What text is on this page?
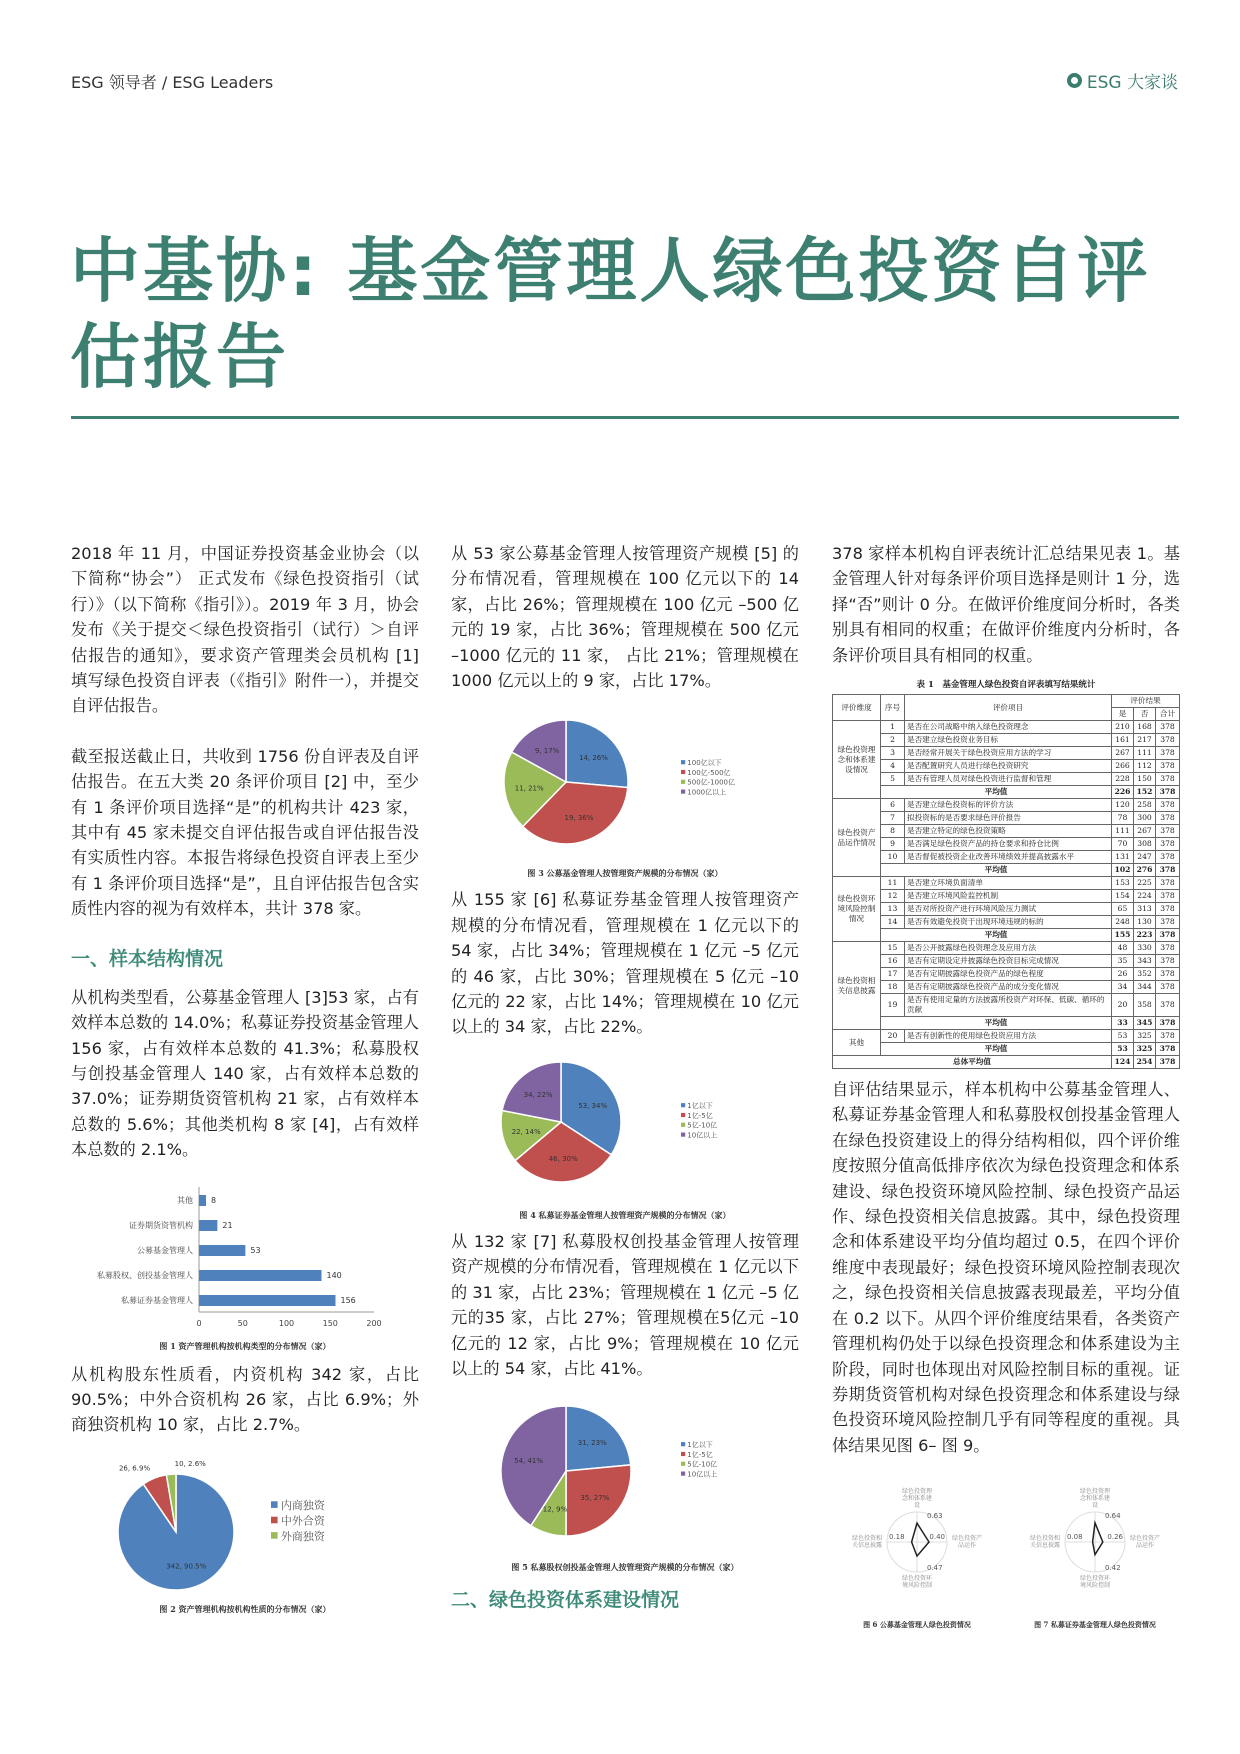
ESG 领导者 / ESG Leaders	ESG 大家谈
中基协: 基金管理人绿色投资自评估报告

2018 年 11 月，中国证券投资基金业协会（以下简称“协会”） 正式发布《绿色投资指引（试行）》（以下简称《指引》）。2019 年 3 月，协会发布《关于提交＜绿色投资指引（试行）＞自评估报告的通知》，要求资产管理类会员机构 [1] 填写绿色投资自评表（《指引》附件一），并提交自评估报告。

截至报送截止日，共收到 1756 份自评表及自评估报告。在五大类 20 条评价项目 [2] 中，至少有 1 条评价项目选择“是”的机构共计 423 家，其中有 45 家未提交自评估报告或自评估报告没有实质性内容。本报告将绿色投资自评表上至少有 1 条评价项目选择“是”，且自评估报告包含实质性内容的视为有效样本，共计 378 家。

一、样本结构情况

从机构类型看，公募基金管理人 [3]53 家，占有效样本总数的 14.0%；私募证券投资基金管理人 156 家，占有效样本总数的 41.3%；私募股权与创投基金管理人 140 家，占有效样本总数的 37.0%；证券期货资管机构 21 家，占有效样本总数的 5.6%；其他类机构 8 家 [4]，占有效样本总数的 2.1%。

私募证券基金管理人	156
私募股权、创投基金管理人	140
公募基金管理人	53
证券期货资管机构	21
其他 8
0	50	100	150	200
图 1 资产管理机构按机构类型的分布情况（家）

从机构股东性质看，内资机构 342 家，占比 90.5%；中外合资机构 26 家，占比 6.9%；外商独资机构 10 家，占比 2.7%。

342, 90.5%
26, 6.9%
10, 2.6%
内商独资
中外合资
外商独资
图 2 资产管理机构按机构性质的分布情况（家）

从 53 家公募基金管理人按管理资产规模 [5] 的分布情况看，管理规模在 100 亿元以下的 14 家，占比 26%；管理规模在 100 亿元 –500 亿元的 19 家，占比 36%；管理规模在 500 亿元 –1000 亿元的 11 家， 占比 21%；管理规模在 1000 亿元以上的 9 家，占比 17%。

14, 26%
19, 36%
11, 21%
9, 17%
100亿以下
100亿-500亿
500亿-1000亿
1000亿以上
图 3 公募基金管理人按管理资产规模的分布情况（家）

从 155 家 [6] 私募证券基金管理人按管理资产规模的分布情况看，管理规模在 1 亿元以下的 54 家，占比 34%；管理规模在 1 亿元 –5 亿元的 46 家，占比 30%；管理规模在 5 亿元 –10 亿元的 22 家，占比 14%；管理规模在 10 亿元以上的 34 家，占比 22%。

53, 34%
46, 30%
22, 14%
34, 22%
1亿以下
1亿-5亿
5亿-10亿
10亿以上
图 4 私募证券基金管理人按管理资产规模的分布情况（家）

从 132 家 [7] 私募股权创投基金管理人按管理资产规模的分布情况看，管理规模在 1 亿元以下的 31 家，占比 23%；管理规模在 1 亿元 –5 亿元的35 家，占比 27%；管理规模在5亿元 –10 亿元的 12 家，占比 9%；管理规模在 10 亿元以上的 54 家，占比 41%。

31, 23%
35, 27%
12, 9%
54, 41%
1亿以下
1亿-5亿
5亿-10亿
10亿以上
图 5 私募股权创投基金管理人按管理资产规模的分布情况（家）
二、绿色投资体系建设情况

378 家样本机构自评表统计汇总结果见表 1。基金管理人针对每条评价项目选择是则计 1 分，选择“否”则计 0 分。在做评价维度间分析时，各类别具有相同的权重；在做评价维度内分析时，各条评价项目具有相同的权重。

表 1　基金管理人绿色投资自评表填写结果统计
评价维度	序号	评价项目	评价结果		
			是	否	合计
绿色投资理念和体系建设情况	1	是否在公司战略中纳入绿色投资理念	210	168	378
	2	是否建立绿色投资业务目标	161	217	378
	3	是否经常开展关于绿色投资应用方法的学习	267	111	378
	4	是否配置研究人员进行绿色投资研究	266	112	378
	5	是否有管理人员对绿色投资进行监督和管理	228	150	378
	平均值		226	152	378
绿色投资产品运作情况	6	是否建立绿色投资标的评价方法	120	258	378
	7	拟投资标的是否要求绿色评价报告	78	300	378
	8	是否建立特定的绿色投资策略	111	267	378
	9	是否满足绿色投资产品的持仓要求和持仓比例	70	308	378
	10	是否督促被投资企业改善环境绩效并提高披露水平	131	247	378
	平均值		102	276	378
绿色投资环境风险控制情况	11	是否建立环境负面清单	153	225	378
	12	是否建立环境风险监控机制	154	224	378
	13	是否对所投资产进行环境风险压力测试	65	313	378
	14	是否有效避免投资于出现环境违规的标的	248	130	378
	平均值		155	223	378
绿色投资相关信息披露	15	是否公开披露绿色投资理念及应用方法	48	330	378
	16	是否有定期设定并披露绿色投资目标完成情况	35	343	378
	17	是否有定期披露绿色投资产品的绿色程度	26	352	378
	18	是否有定期披露绿色投资产品的成分变化情况	34	344	378
	19	是否有使用定量的方法披露所投资产对环保、低碳、循环的贡献	20	358	378
	平均值		33	345	378
其他	20	是否有创新性的使用绿色投资应用方法	53	325	378
	平均值		53	325	378
总体平均值			124	254	378

自评估结果显示，样本机构中公募基金管理人、私募证券基金管理人和私募股权创投基金管理人在绿色投资建设上的得分结构相似，四个评价维度按照分值高低排序依次为绿色投资理念和体系建设、绿色投资环境风险控制、绿色投资产品运作、绿色投资相关信息披露。其中，绿色投资理念和体系建设平均分值均超过 0.5，在四个评价维度中表现最好；绿色投资环境风险控制表现次之，绿色投资相关信息披露表现最差，平均分值在 0.2 以下。从四个评价维度结果看，各类资产管理机构仍处于以绿色投资理念和体系建设为主阶段，同时也体现出对风险控制目标的重视。证券期货资管机构对绿色投资理念和体系建设与绿色投资环境风险控制几乎有同等程度的重视。具体结果见图 6– 图 9。

0.63
0.40
0.47
0.18
绿色投资理念和体系建设
绿色投资产品运作
绿色投资环境风险控制
绿色投资相关信息披露
图 6 公募基金管理人绿色投资情况
0.64
0.26
0.42
0.08
绿色投资理念和体系建设
绿色投资产品运作
绿色投资环境风险控制
绿色投资相关信息披露
图 7 私募证券基金管理人绿色投资情况
